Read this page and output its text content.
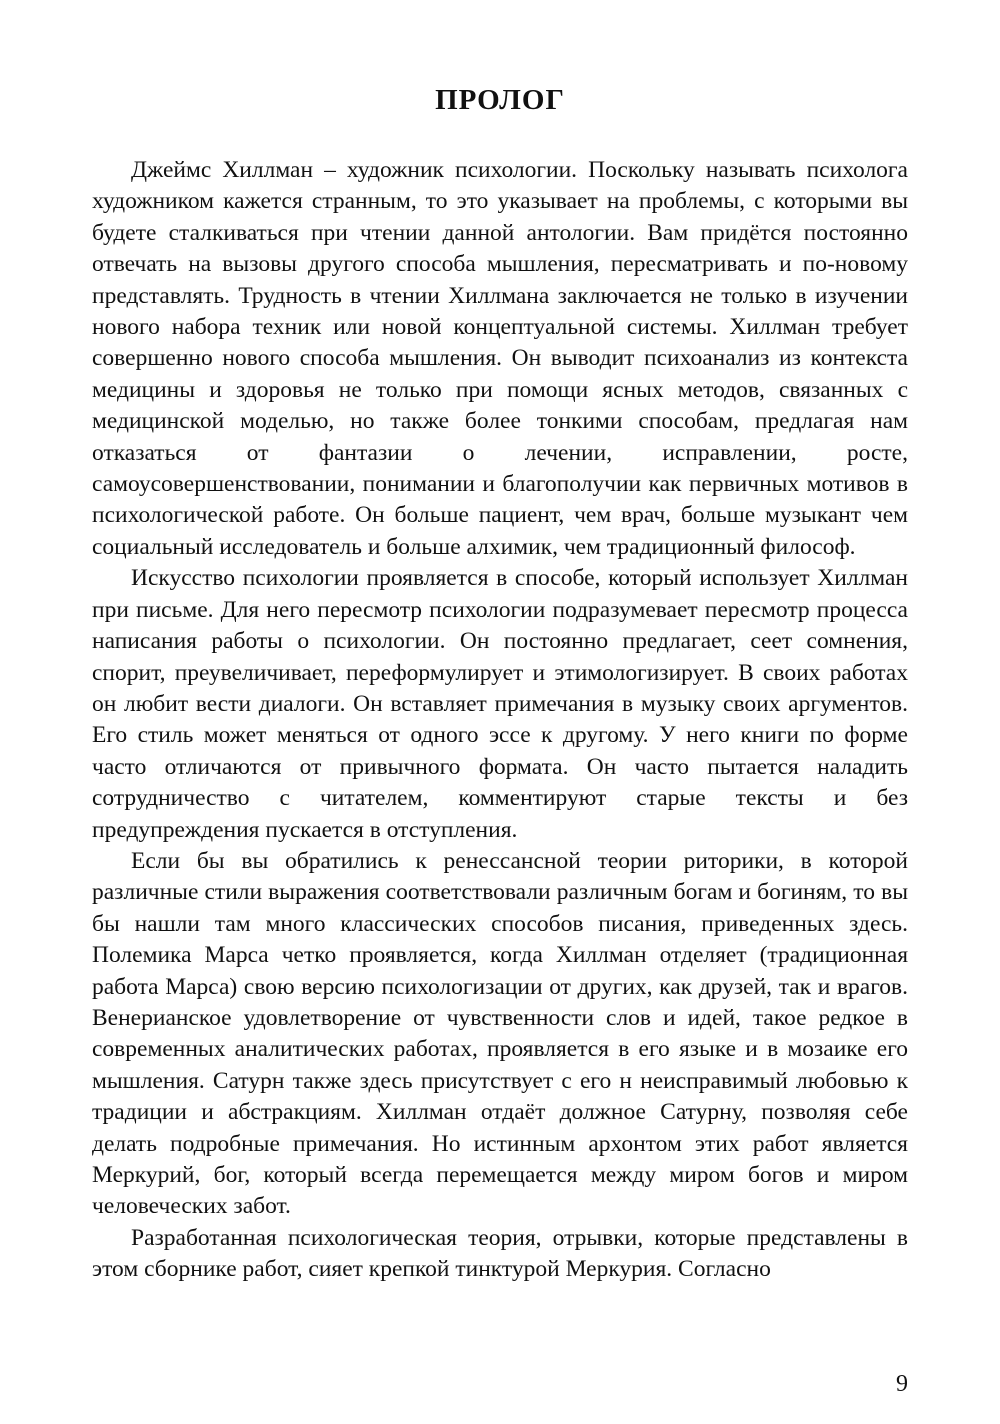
ПРОЛОГ

Джеймс Хиллман – художник психологии. Поскольку называть психолога художником кажется странным, то это указывает на проблемы, с которыми вы будете сталкиваться при чтении данной антологии. Вам придётся постоянно отвечать на вызовы другого способа мышления, пересматривать и по-новому представлять. Трудность в чтении Хиллмана заключается не только в изучении нового набора техник или новой концептуальной системы. Хиллман требует совершенно нового способа мышления. Он выводит психоанализ из контекста медицины и здоровья не только при помощи ясных методов, связанных с медицинской моделью, но также более тонкими способам, предлагая нам отказаться от фантазии о лечении, исправлении, росте, самоусовершенствовании, понимании и благополучии как первичных мотивов в психологической работе. Он больше пациент, чем врач, больше музыкант чем социальный исследователь и больше алхимик, чем традиционный философ.

Искусство психологии проявляется в способе, который использует Хиллман при письме. Для него пересмотр психологии подразумевает пересмотр процесса написания работы о психологии. Он постоянно предлагает, сеет сомнения, спорит, преувеличивает, переформулирует и этимологизирует. В своих работах он любит вести диалоги. Он вставляет примечания в музыку своих аргументов. Его стиль может меняться от одного эссе к другому. У него книги по форме часто отличаются от привычного формата. Он часто пытается наладить сотрудничество с читателем, комментируют старые тексты и без предупреждения пускается в отступления.

Если бы вы обратились к ренессансной теории риторики, в которой различные стили выражения соответствовали различным богам и богиням, то вы бы нашли там много классических способов писания, приведенных здесь. Полемика Марса четко проявляется, когда Хиллман отделяет (традиционная работа Марса) свою версию психологизации от других, как друзей, так и врагов. Венерианское удовлетворение от чувственности слов и идей, такое редкое в современных аналитических работах, проявляется в его языке и в мозаике его мышления. Сатурн также здесь присутствует с его н неисправимый любовью к традиции и абстракциям. Хиллман отдаёт должное Сатурну, позволяя себе делать подробные примечания. Но истинным архонтом этих работ является Меркурий, бог, который всегда перемещается между миром богов и миром человеческих забот.

Разработанная психологическая теория, отрывки, которые представлены в этом сборнике работ, сияет крепкой тинктурой Меркурия. Согласно

9
